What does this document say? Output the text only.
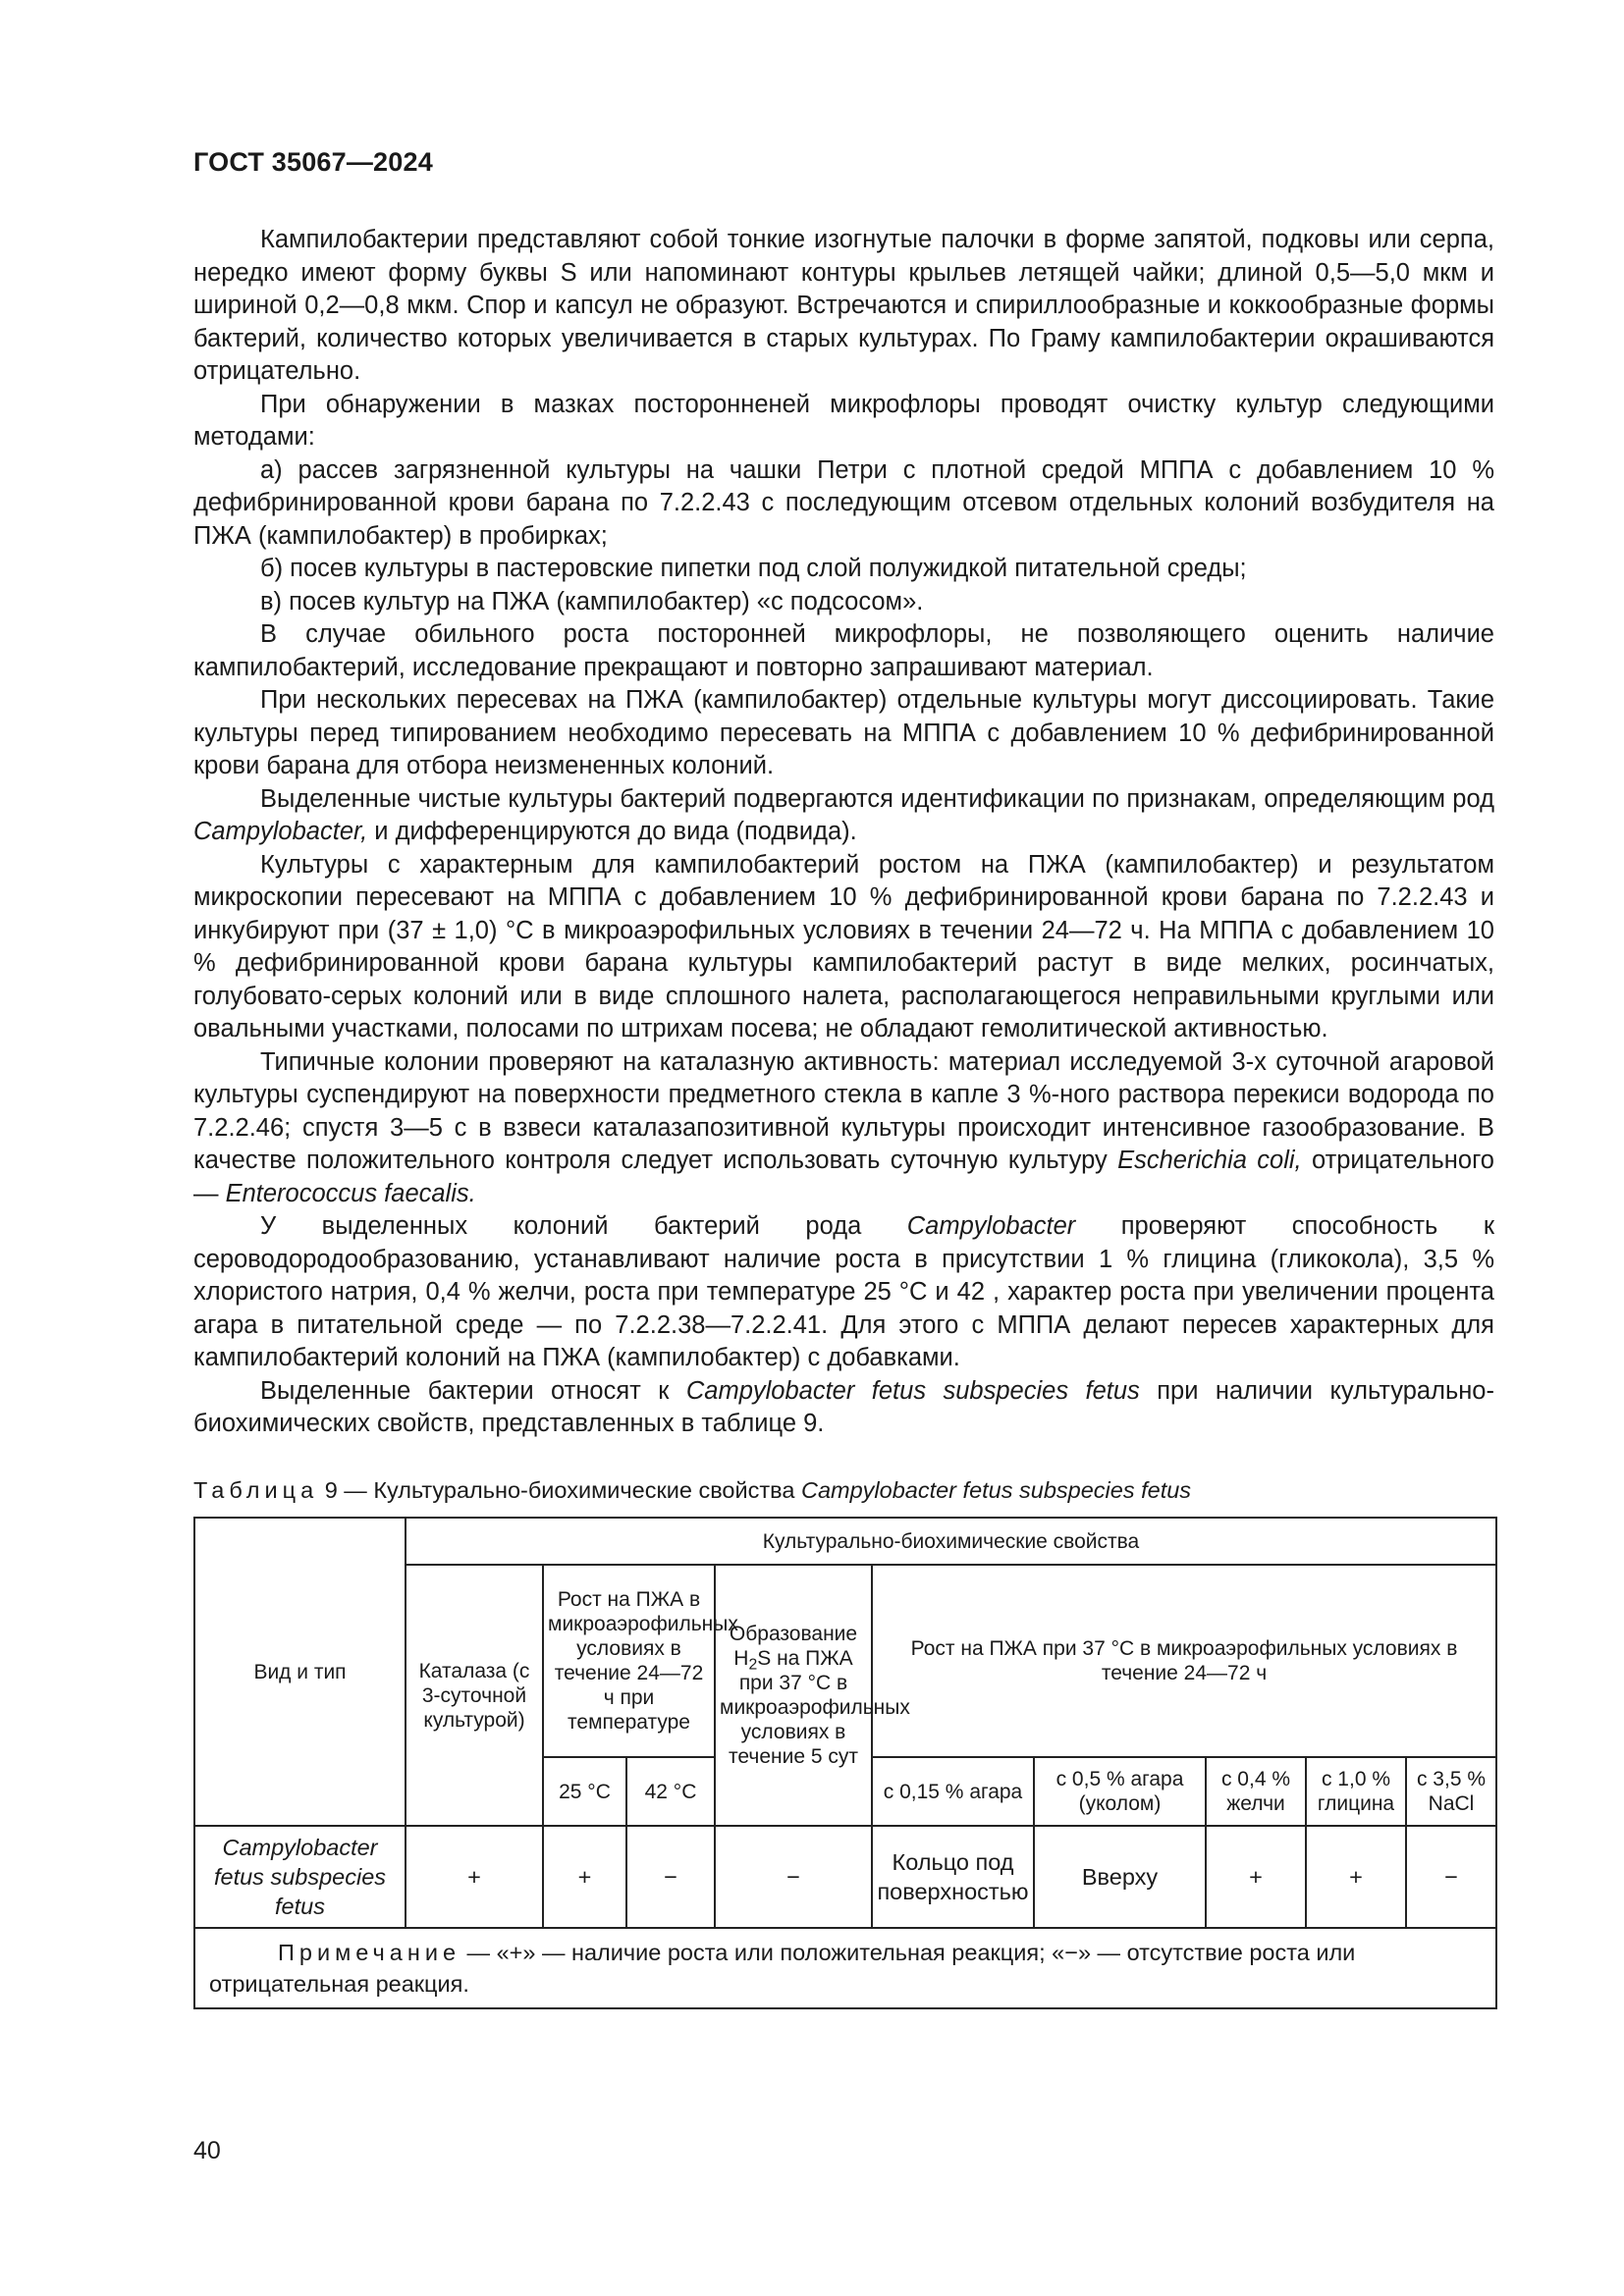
ГОСТ 35067—2024

Кампилобактерии представляют собой тонкие изогнутые палочки в форме запятой, подковы или серпа, нередко имеют форму буквы S или напоминают контуры крыльев летящей чайки; длиной 0,5—5,0 мкм и шириной 0,2—0,8 мкм. Спор и капсул не образуют. Встречаются и спириллообразные и коккообразные формы бактерий, количество которых увеличивается в старых культурах. По Граму кампилобактерии окрашиваются отрицательно.

При обнаружении в мазках посторонненей микрофлоры проводят очистку культур следующими методами:

а) рассев загрязненной культуры на чашки Петри с плотной средой МППА с добавлением 10 % дефибринированной крови барана по 7.2.2.43 с последующим отсевом отдельных колоний возбудителя на ПЖА (кампилобактер) в пробирках;

б) посев культуры в пастеровские пипетки под слой полужидкой питательной среды;

в) посев культур на ПЖА (кампилобактер) «с подсосом».

В случае обильного роста посторонней микрофлоры, не позволяющего оценить наличие кампилобактерий, исследование прекращают и повторно запрашивают материал.

При нескольких пересевах на ПЖА (кампилобактер) отдельные культуры могут диссоциировать. Такие культуры перед типированием необходимо пересевать на МППА с добавлением 10 % дефибринированной крови барана для отбора неизмененных колоний.

Выделенные чистые культуры бактерий подвергаются идентификации по признакам, определяющим род Campylobacter, и дифференцируются до вида (подвида).

Культуры с характерным для кампилобактерий ростом на ПЖА (кампилобактер) и результатом микроскопии пересевают на МППА с добавлением 10 % дефибринированной крови барана по 7.2.2.43 и инкубируют при (37 ± 1,0) °С в микроаэрофильных условиях в течении 24—72 ч. На МППА с добавлением 10 % дефибринированной крови барана культуры кампилобактерий растут в виде мелких, росинчатых, голубовато-серых колоний или в виде сплошного налета, располагающегося неправильными круглыми или овальными участками, полосами по штрихам посева; не обладают гемолитической активностью.

Типичные колонии проверяют на каталазную активность: материал исследуемой 3-х суточной агаровой культуры суспендируют на поверхности предметного стекла в капле 3 %-ного раствора перекиси водорода по 7.2.2.46; спустя 3—5 с в взвеси каталазапозитивной культуры происходит интенсивное газообразование. В качестве положительного контроля следует использовать суточную культуру Escherichia coli, отрицательного — Enterococcus faecalis.

У выделенных колоний бактерий рода Campylobacter проверяют способность к сероводородообразованию, устанавливают наличие роста в присутствии 1 % глицина (гликокола), 3,5 % хлористого натрия, 0,4 % желчи, роста при температуре 25 °С и 42 , характер роста при увеличении процента агара в питательной среде — по 7.2.2.38—7.2.2.41. Для этого с МППА делают пересев характерных для кампилобактерий колоний на ПЖА (кампилобактер) с добавками.

Выделенные бактерии относят к Campylobacter fetus subspecies fetus при наличии культурально-биохимических свойств, представленных в таблице 9.

Таблица 9 — Культурально-биохимические свойства Campylobacter fetus subspecies fetus
Вид и тип	Культурально-биохимические свойства								
	Каталаза (с 3-суточной культурой)	Рост на ПЖА в микроаэрофильных условиях в течение 24—72 ч при температуре		Образование $H_2S$ на ПЖА при 37 °С в микроаэрофильных условиях в течение 5 сут	Рост на ПЖА при 37 °С в микроаэрофильных условиях в течение 24—72 ч				
		25 °С	42 °С		с 0,15 % агара	с 0,5 % агара (уколом)	с 0,4 % желчи	с 1,0 % глицина	с 3,5 % NaCl
Campylobacter fetus subspecies fetus	+	+	−	−	Кольцо под поверхностью	Вверху	+	+	−
Примечание — «+» — наличие роста или положительная реакция; «−» — отсутствие роста или отрицательная реакция.									
40
